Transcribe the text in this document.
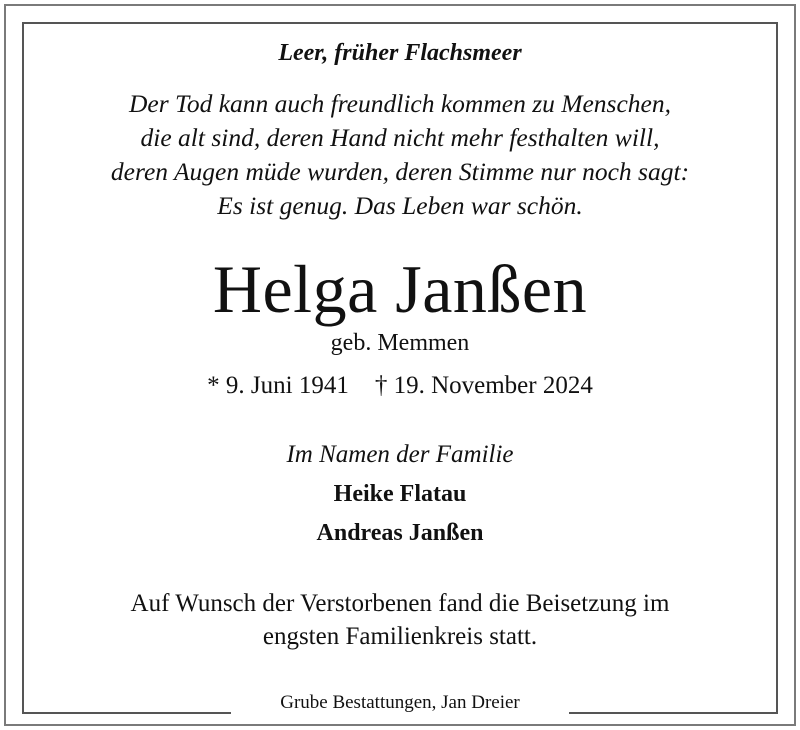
Leer, früher Flachsmeer
Der Tod kann auch freundlich kommen zu Menschen,
die alt sind, deren Hand nicht mehr festhalten will,
deren Augen müde wurden, deren Stimme nur noch sagt:
Es ist genug. Das Leben war schön.
Helga Janßen
geb. Memmen
* 9. Juni 1941 † 19. November 2024
Im Namen der Familie
Heike Flatau
Andreas Janßen
Auf Wunsch der Verstorbenen fand die Beisetzung im
engsten Familienkreis statt.
Grube Bestattungen, Jan Dreier
